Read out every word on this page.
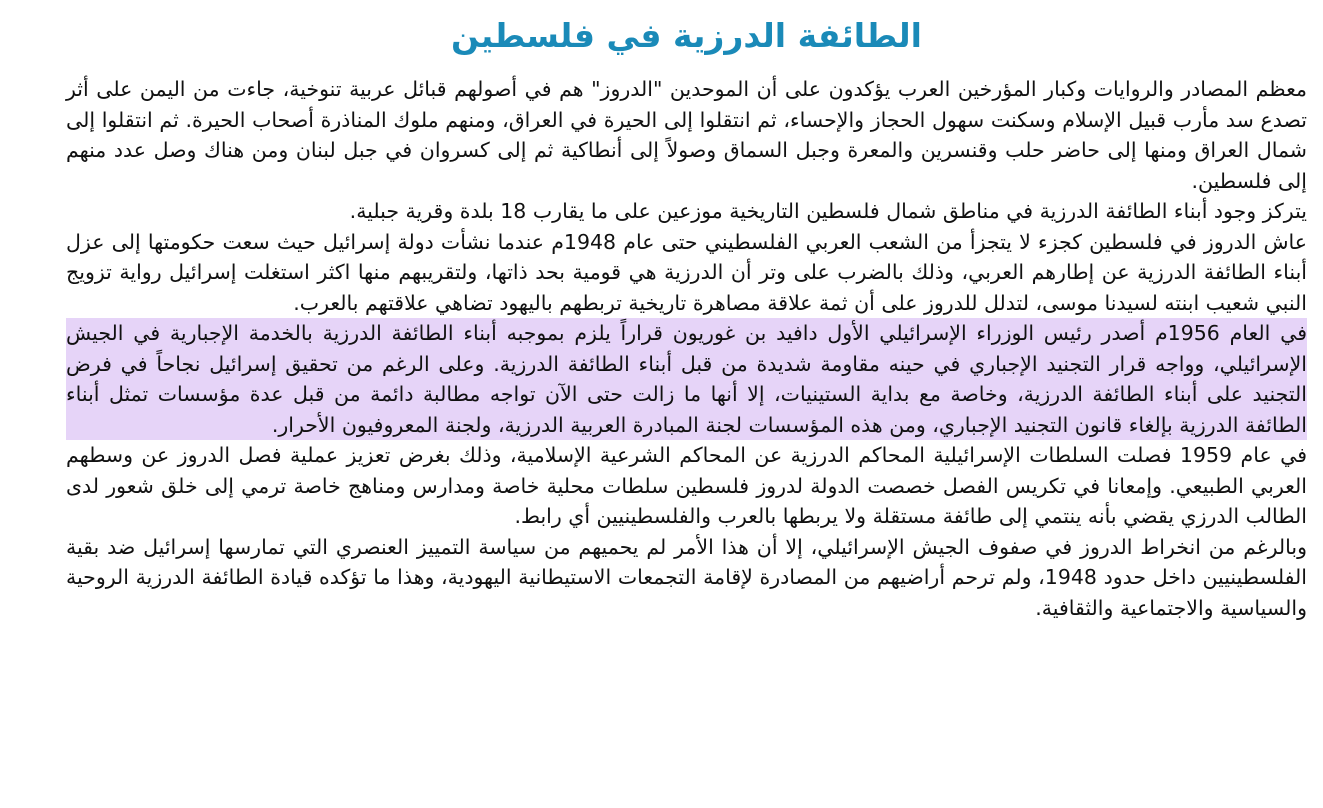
الطائفة الدرزية في فلسطين

معظم المصادر والروايات وكبار المؤرخين العرب يؤكدون على أن الموحدين "الدروز" هم في أصولهم قبائل عربية تنوخية، جاءت من اليمن على أثر تصدع سد مأرب قبيل الإسلام وسكنت سهول الحجاز والإحساء، ثم انتقلوا إلى الحيرة في العراق، ومنهم ملوك المناذرة أصحاب الحيرة. ثم انتقلوا إلى شمال العراق ومنها إلى حاضر حلب وقنسرين والمعرة وجبل السماق وصولاً إلى أنطاكية ثم إلى كسروان في جبل لبنان ومن هناك وصل عدد منهم إلى فلسطين.

يتركز وجود أبناء الطائفة الدرزية في مناطق شمال فلسطين التاريخية موزعين على ما يقارب 18 بلدة وقرية جبلية.

عاش الدروز في فلسطين كجزء لا يتجزأ من الشعب العربي الفلسطيني حتى عام 1948م عندما نشأت دولة إسرائيل حيث سعت حكومتها إلى عزل أبناء الطائفة الدرزية عن إطارهم العربي، وذلك بالضرب على وتر أن الدرزية هي قومية بحد ذاتها، ولتقريبهم منها اكثر استغلت إسرائيل رواية تزويج النبي شعيب ابنته لسيدنا موسى، لتدلل للدروز على أن ثمة علاقة مصاهرة تاريخية تربطهم باليهود تضاهي علاقتهم بالعرب.

في العام 1956م أصدر رئيس الوزراء الإسرائيلي الأول دافيد بن غوريون قراراً يلزم بموجبه أبناء الطائفة الدرزية بالخدمة الإجبارية في الجيش الإسرائيلي، وواجه قرار التجنيد الإجباري في حينه مقاومة شديدة من قبل أبناء الطائفة الدرزية. وعلى الرغم من تحقيق إسرائيل نجاحاً في فرض التجنيد على أبناء الطائفة الدرزية، وخاصة مع بداية الستينيات، إلا أنها ما زالت حتى الآن تواجه مطالبة دائمة من قبل عدة مؤسسات تمثل أبناء الطائفة الدرزية بإلغاء قانون التجنيد الإجباري، ومن هذه المؤسسات لجنة المبادرة العربية الدرزية، ولجنة المعروفيون الأحرار.

في عام 1959 فصلت السلطات الإسرائيلية المحاكم الدرزية عن المحاكم الشرعية الإسلامية، وذلك بغرض تعزيز عملية فصل الدروز عن وسطهم العربي الطبيعي. وإمعانا في تكريس الفصل خصصت الدولة لدروز فلسطين سلطات محلية خاصة ومدارس ومناهج خاصة ترمي إلى خلق شعور لدى الطالب الدرزي يقضي بأنه ينتمي إلى طائفة مستقلة ولا يربطها بالعرب والفلسطينيين أي رابط.

وبالرغم من انخراط الدروز في صفوف الجيش الإسرائيلي، إلا أن هذا الأمر لم يحميهم من سياسة التمييز العنصري التي تمارسها إسرائيل ضد بقية الفلسطينيين داخل حدود 1948، ولم ترحم أراضيهم من المصادرة لإقامة التجمعات الاستيطانية اليهودية، وهذا ما تؤكده قيادة الطائفة الدرزية الروحية والسياسية والاجتماعية والثقافية.
